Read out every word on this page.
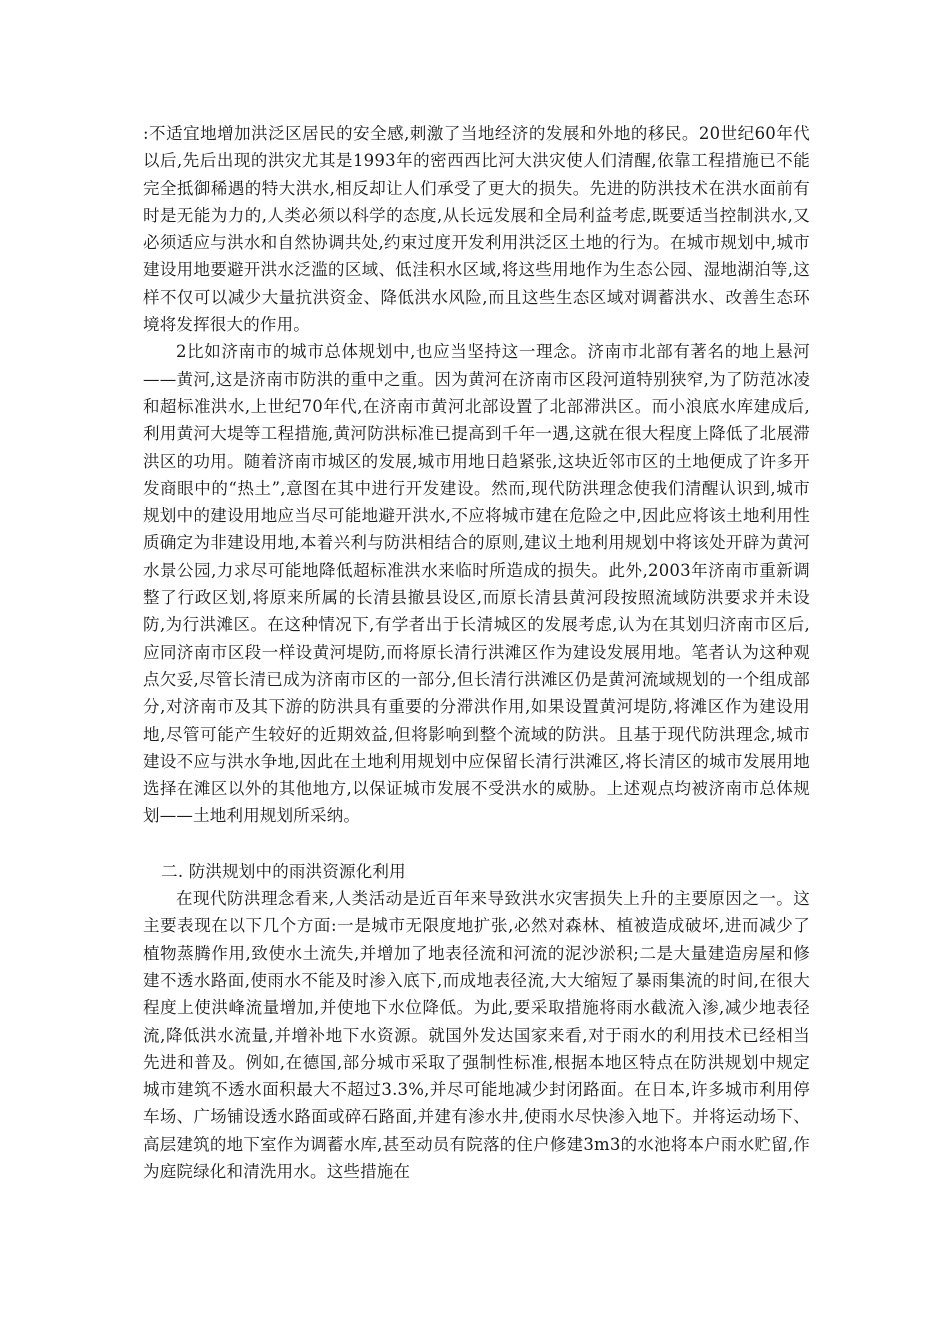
:不适宜地增加洪泛区居民的安全感,刺激了当地经济的发展和外地的移民。20世纪60年代以后,先后出现的洪灾尤其是1993年的密西西比河大洪灾使人们清醒,依靠工程措施已不能完全抵御稀遇的特大洪水,相反却让人们承受了更大的损失。先进的防洪技术在洪水面前有时是无能为力的,人类必须以科学的态度,从长远发展和全局利益考虑,既要适当控制洪水,又必须适应与洪水和自然协调共处,约束过度开发利用洪泛区土地的行为。在城市规划中,城市建设用地要避开洪水泛滥的区域、低洼积水区域,将这些用地作为生态公园、湿地湖泊等,这样不仅可以减少大量抗洪资金、降低洪水风险,而且这些生态区域对调蓄洪水、改善生态环境将发挥很大的作用。

2比如济南市的城市总体规划中,也应当坚持这一理念。济南市北部有著名的地上悬河——黄河,这是济南市防洪的重中之重。因为黄河在济南市区段河道特别狭窄,为了防范冰凌和超标准洪水,上世纪70年代,在济南市黄河北部设置了北部滞洪区。而小浪底水库建成后,利用黄河大堤等工程措施,黄河防洪标准已提高到千年一遇,这就在很大程度上降低了北展滞洪区的功用。随着济南市城区的发展,城市用地日趋紧张,这块近邻市区的土地便成了许多开发商眼中的“热土”,意图在其中进行开发建设。然而,现代防洪理念使我们清醒认识到,城市规划中的建设用地应当尽可能地避开洪水,不应将城市建在危险之中,因此应将该土地利用性质确定为非建设用地,本着兴利与防洪相结合的原则,建议土地利用规划中将该处开辟为黄河水景公园,力求尽可能地降低超标准洪水来临时所造成的损失。此外,2003年济南市重新调整了行政区划,将原来所属的长清县撤县设区,而原长清县黄河段按照流域防洪要求并未设防,为行洪滩区。在这种情况下,有学者出于长清城区的发展考虑,认为在其划归济南市区后,应同济南市区段一样设黄河堤防,而将原长清行洪滩区作为建设发展用地。笔者认为这种观点欠妥,尽管长清已成为济南市区的一部分,但长清行洪滩区仍是黄河流域规划的一个组成部分,对济南市及其下游的防洪具有重要的分滞洪作用,如果设置黄河堤防,将滩区作为建设用地,尽管可能产生较好的近期效益,但将影响到整个流域的防洪。且基于现代防洪理念,城市建设不应与洪水争地,因此在土地利用规划中应保留长清行洪滩区,将长清区的城市发展用地选择在滩区以外的其他地方,以保证城市发展不受洪水的威胁。上述观点均被济南市总体规划——土地利用规划所采纳。

二. 防洪规划中的雨洪资源化利用

在现代防洪理念看来,人类活动是近百年来导致洪水灾害损失上升的主要原因之一。这主要表现在以下几个方面:一是城市无限度地扩张,必然对森林、植被造成破坏,进而减少了植物蒸腾作用,致使水土流失,并增加了地表径流和河流的泥沙淤积;二是大量建造房屋和修建不透水路面,使雨水不能及时渗入底下,而成地表径流,大大缩短了暴雨集流的时间,在很大程度上使洪峰流量增加,并使地下水位降低。为此,要采取措施将雨水截流入渗,减少地表径流,降低洪水流量,并增补地下水资源。就国外发达国家来看,对于雨水的利用技术已经相当先进和普及。例如,在德国,部分城市采取了强制性标准,根据本地区特点在防洪规划中规定城市建筑不透水面积最大不超过3.3%,并尽可能地减少封闭路面。在日本,许多城市利用停车场、广场铺设透水路面或碎石路面,并建有渗水井,使雨水尽快渗入地下。并将运动场下、高层建筑的地下室作为调蓄水库,甚至动员有院落的住户修建3m3的水池将本户雨水贮留,作为庭院绿化和清洗用水。这些措施在
